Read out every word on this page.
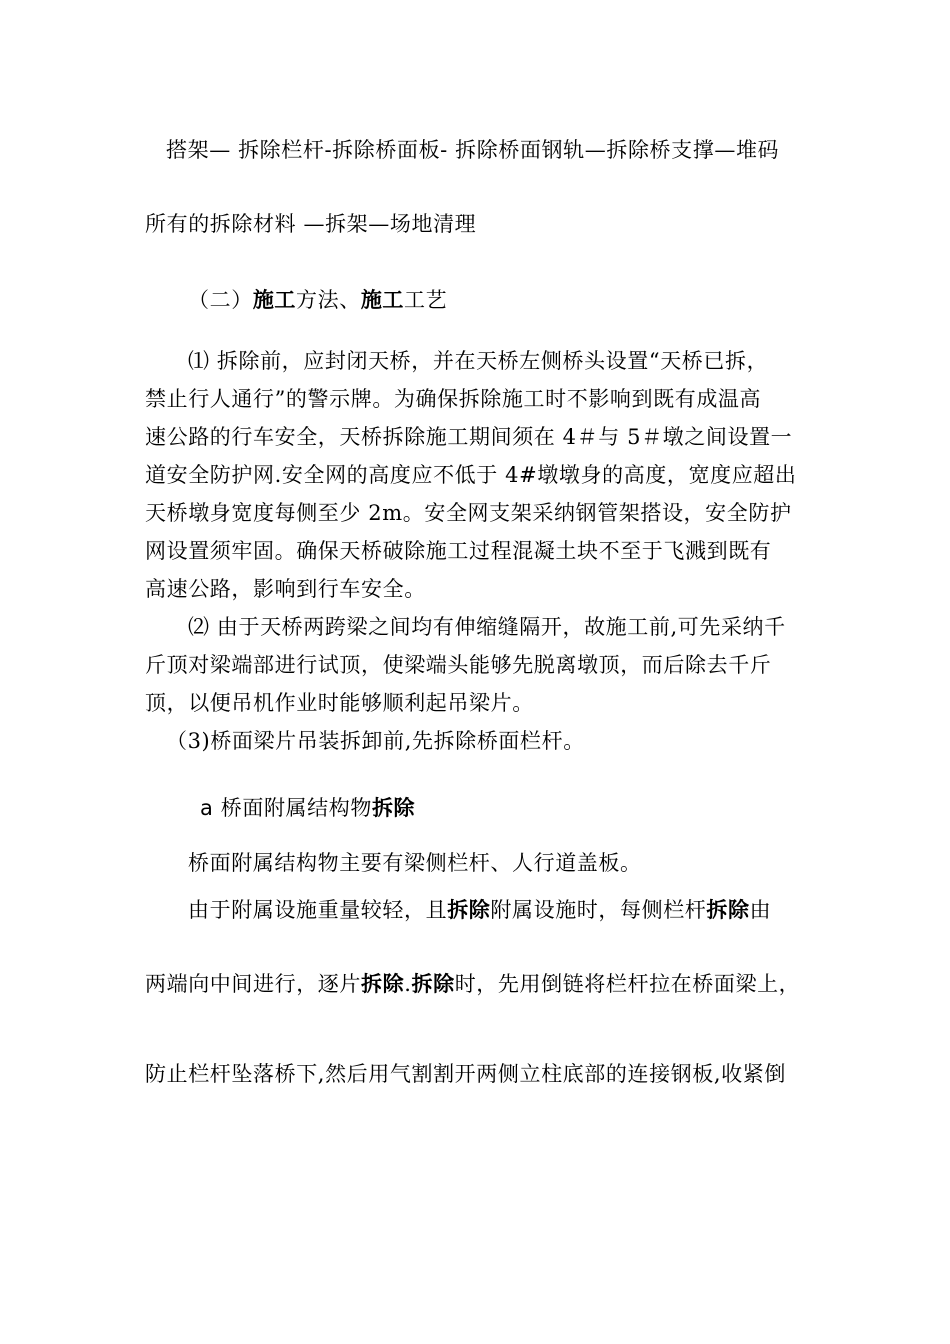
搭架— 拆除栏杆-拆除桥面板- 拆除桥面钢轨—拆除桥支撑—堆码
所有的拆除材料 —拆架—场地清理
（二）施工方法、施工工艺
⑴ 拆除前，应封闭天桥，并在天桥左侧桥头设置“天桥已拆，
禁止行人通行”的警示牌。为确保拆除施工时不影响到既有成温高
速公路的行车安全，天桥拆除施工期间须在 4＃与 5＃墩之间设置一
道安全防护网.安全网的高度应不低于 4#墩墩身的高度，宽度应超出
天桥墩身宽度每侧至少 2m。安全网支架采纳钢管架搭设，安全防护
网设置须牢固。确保天桥破除施工过程混凝土块不至于飞溅到既有
高速公路，影响到行车安全。
⑵ 由于天桥两跨梁之间均有伸缩缝隔开，故施工前,可先采纳千
斤顶对梁端部进行试顶，使梁端头能够先脱离墩顶，而后除去千斤
顶，以便吊机作业时能够顺利起吊梁片。
（3)桥面梁片吊装拆卸前,先拆除桥面栏杆。
a 桥面附属结构物拆除
桥面附属结构物主要有梁侧栏杆、人行道盖板。
由于附属设施重量较轻，且拆除附属设施时，每侧栏杆拆除由
两端向中间进行，逐片拆除.拆除时，先用倒链将栏杆拉在桥面梁上，
防止栏杆坠落桥下,然后用气割割开两侧立柱底部的连接钢板,收紧倒
